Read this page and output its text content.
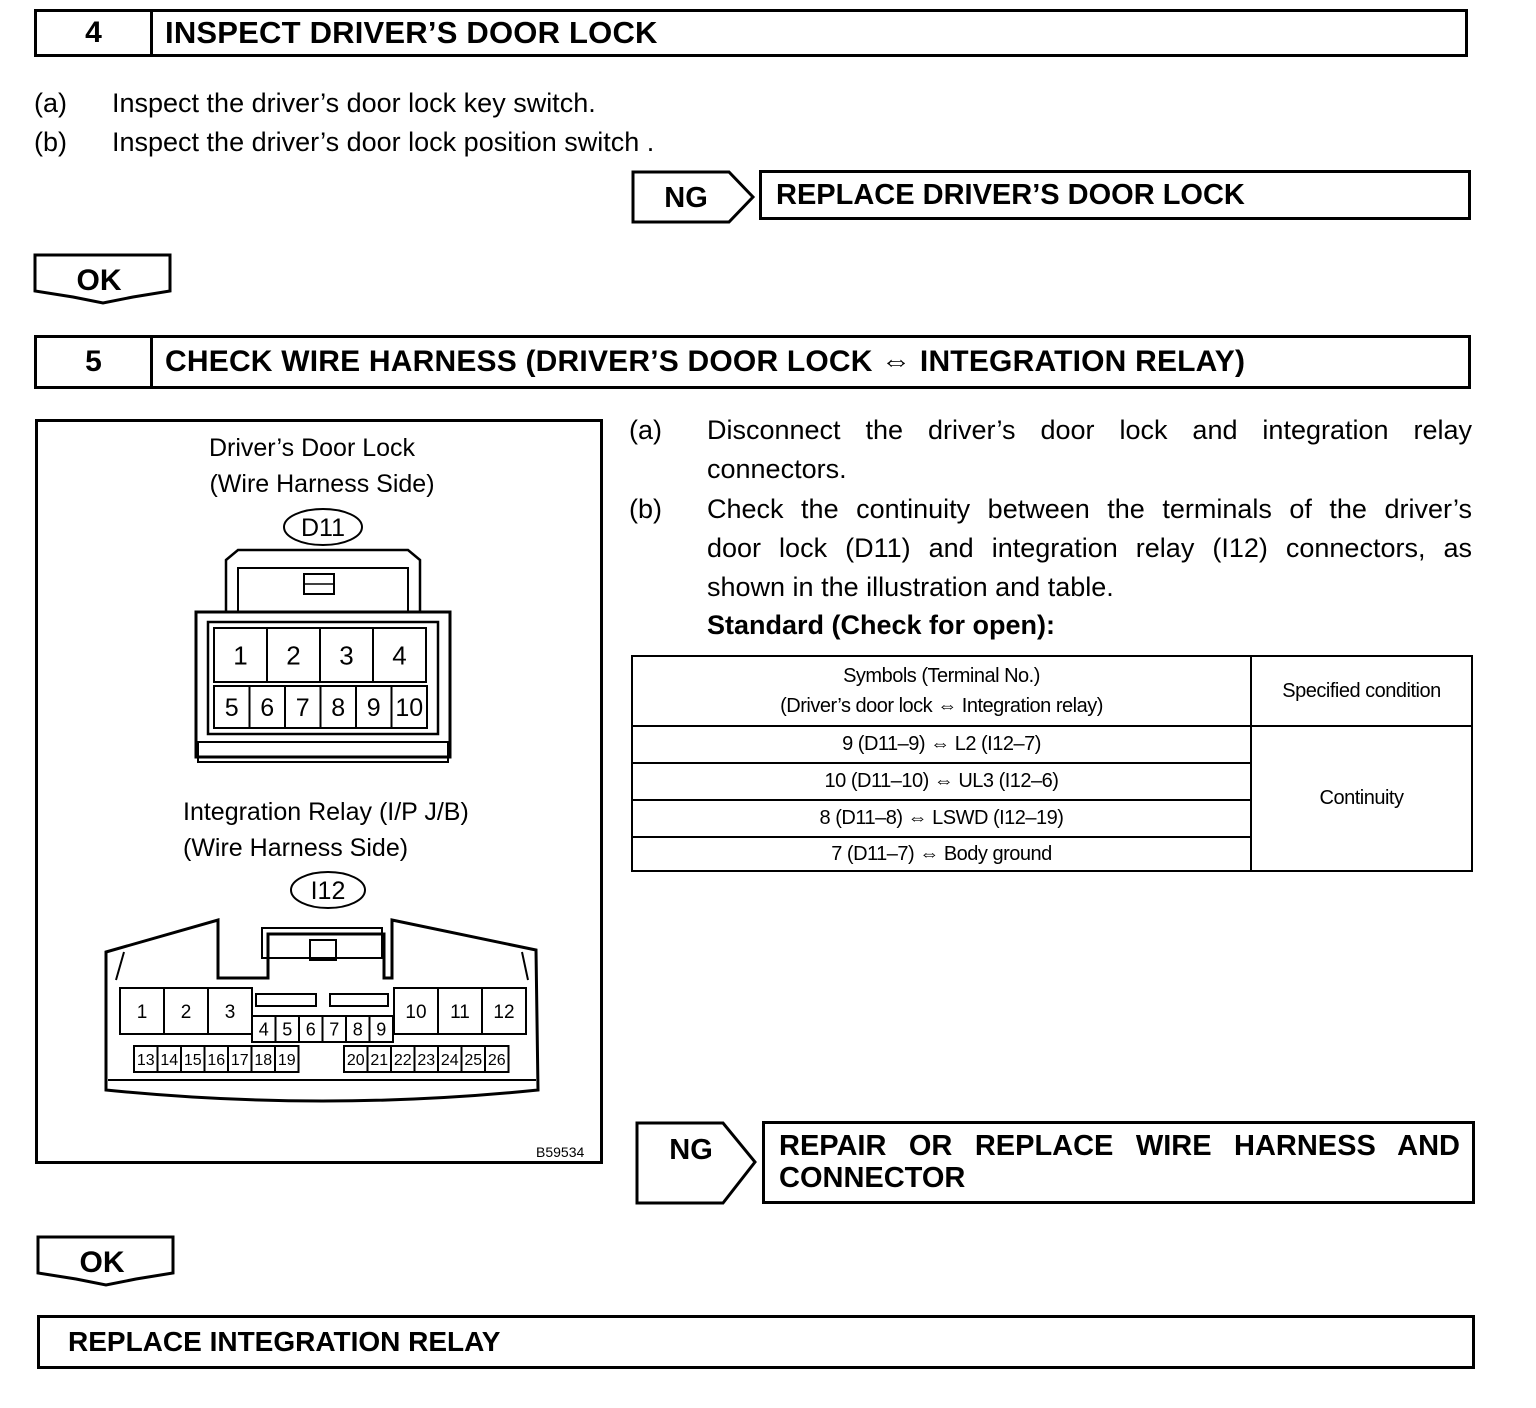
4	INSPECT DRIVER’S DOOR LOCK
(a) Inspect the driver’s door lock key switch.
(b) Inspect the driver’s door lock position switch .
NG REPLACE DRIVER’S DOOR LOCK
OK
5	CHECK WIRE HARNESS (DRIVER’S DOOR LOCK ⇔ INTEGRATION RELAY)
Driver’s Door Lock
(Wire Harness Side)
D11
1 2 3 4
5 6 7 8 9 10
Integration Relay (I/P J/B)
(Wire Harness Side)
I12
1 2 3	10 11 12
4 5 6 7 8 9
13 14 15 16 17 18 19	20 21 22 23 24 25 26
B59534
(a) Disconnect the driver’s door lock and integration relay
connectors.
(b) Check the continuity between the terminals of the driver’s
door lock (D11) and integration relay (I12) connectors, as
shown in the illustration and table.
Standard (Check for open):
Symbols (Terminal No.)
(Driver’s door lock ⇔ Integration relay)	Specified condition
9 (D11–9) ⇔ L2 (I12–7)	Continuity
10 (D11–10) ⇔ UL3 (I12–6)	
8 (D11–8) ⇔ LSWD (I12–19)	
7 (D11–7) ⇔ Body ground	
NG REPAIR OR REPLACE WIRE HARNESS AND
CONNECTOR
OK
REPLACE INTEGRATION RELAY
